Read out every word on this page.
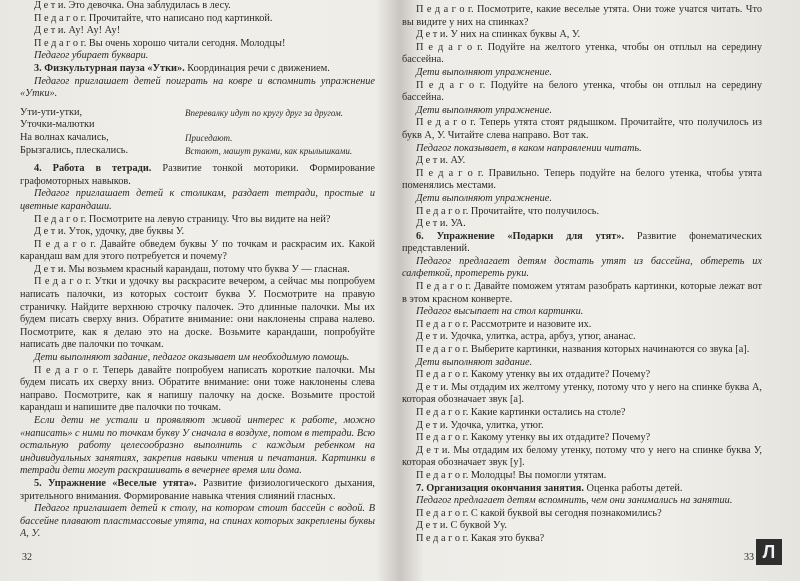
Д е т и. Это девочка. Она заблудилась в лесу.

П е д а г о г. Прочитайте, что написано под картинкой.

Д е т и. Ау! Ау! Ау!

П е д а г о г. Вы очень хорошо читали сегодня. Молодцы!

Педагог убирает буквари.

3. Физкультурная пауза «Утки». Координация речи с движением.

Педагог приглашает детей поиграть на ковре и вспомнить упражнение «Утки».

Ути-ути-утки,	Вперевалку идут по кругу друг за другом.
Уточки-малютки
На волнах качались,	Приседают.
Брызгались, плескались.	Встают, машут руками, как крылышками.

4. Работа в тетради. Развитие тонкой моторики. Формирование графомоторных навыков.

Педагог приглашает детей к столикам, раздает тетради, простые и цветные карандаши.

П е д а г о г. Посмотрите на левую страницу. Что вы видите на ней?

Д е т и. Уток, удочку, две буквы У.

П е д а г о г. Давайте обведем буквы У по точкам и раскрасим их. Какой карандаш вам для этого потребуется и почему?

Д е т и. Мы возьмем красный карандаш, потому что буква У — гласная.

П е д а г о г. Утки и удочку вы раскрасите вечером, а сейчас мы попробуем написать палочки, из которых состоит буква У. Посмотрите на правую страничку. Найдите верхнюю строчку палочек. Это длинные палочки. Мы их будем писать сверху вниз. Обратите внимание: они наклонены справа налево. Посмотрите, как я делаю это на доске. Возьмите карандаши, попробуйте написать две палочки по точкам.

Дети выполняют задание, педагог оказывает им необходимую помощь.

П е д а г о г. Теперь давайте попробуем написать короткие палочки. Мы будем писать их сверху вниз. Обратите внимание: они тоже наклонены слева направо. Посмотрите, как я напишу палочку на доске. Возьмите простой карандаш и напишите две палочки по точкам.

Если дети не устали и проявляют живой интерес к работе, можно «написать» с ними по точкам букву У сначала в воздухе, потом в тетради. Всю остальную работу целесообразно выполнить с каждым ребенком на индивидуальных занятиях, закрепив навыки чтения и печатания. Картинки в тетради дети могут раскрашивать в вечернее время или дома.

5. Упражнение «Веселые утята». Развитие физиологического дыхания, зрительного внимания. Формирование навыка чтения слияний гласных.

Педагог приглашает детей к столу, на котором стоит бассейн с водой. В бассейне плавают пластмассовые утята, на спинах которых закреплены буквы А, У.

32

П е д а г о г. Посмотрите, какие веселые утята. Они тоже учатся читать. Что вы видите у них на спинках?

Д е т и. У них на спинках буквы А, У.

П е д а г о г. Подуйте на желтого утенка, чтобы он отплыл на середину бассейна.

Дети выполняют упражнение.

П е д а г о г. Подуйте на белого утенка, чтобы он отплыл на середину бассейна.

Дети выполняют упражнение.

П е д а г о г. Теперь утята стоят рядышком. Прочитайте, что получилось из букв А, У. Читайте слева направо. Вот так.

Педагог показывает, в каком направлении читать.

Д е т и. АУ.

П е д а г о г. Правильно. Теперь подуйте на белого утенка, чтобы утята поменялись местами.

Дети выполняют упражнение.

П е д а г о г. Прочитайте, что получилось.

Д е т и. УА.

6. Упражнение «Подарки для утят». Развитие фонематических представлений.

Педагог предлагает детям достать утят из бассейна, обтереть их салфеткой, протереть руки.

П е д а г о г. Давайте поможем утятам разобрать картинки, которые лежат вот в этом красном конверте.

Педагог высыпает на стол картинки.

П е д а г о г. Рассмотрите и назовите их.

Д е т и. Удочка, улитка, астра, арбуз, утюг, ананас.

П е д а г о г. Выберите картинки, названия которых начинаются со звука [а].

Дети выполняют задание.

П е д а г о г. Какому утенку вы их отдадите? Почему?

Д е т и. Мы отдадим их желтому утенку, потому что у него на спинке буква А, которая обозначает звук [а].

П е д а г о г. Какие картинки остались на столе?

Д е т и. Удочка, улитка, утюг.

П е д а г о г. Какому утенку вы их отдадите? Почему?

Д е т и. Мы отдадим их белому утенку, потому что у него на спинке буква У, которая обозначает звук [у].

П е д а г о г. Молодцы! Вы помогли утятам.

7. Организация окончания занятия. Оценка работы детей.

Педагог предлагает детям вспомнить, чем они занимались на занятии.

П е д а г о г. С какой буквой вы сегодня познакомились?

Д е т и. С буквой Уу.

П е д а г о г. Какая это буква?

33 Л
